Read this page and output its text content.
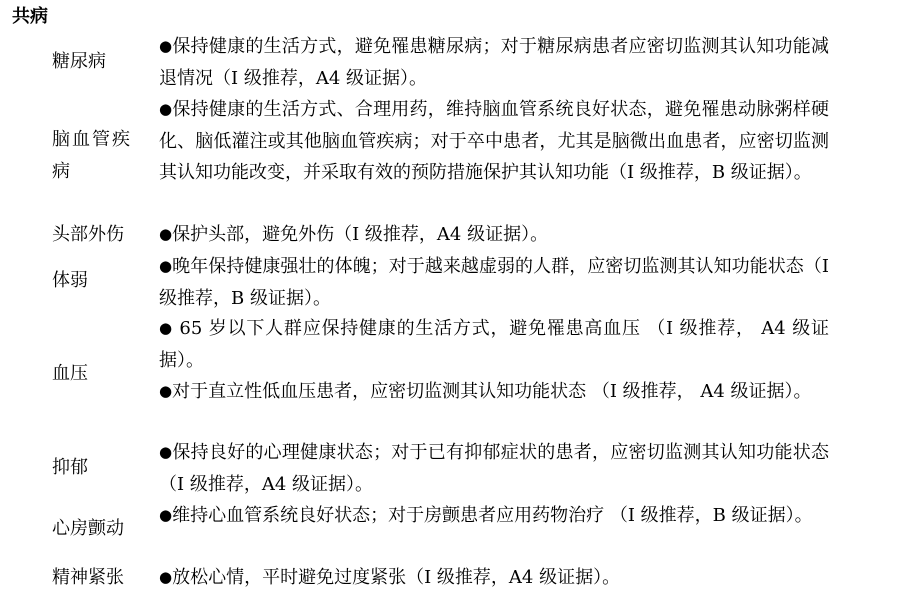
共病
糖尿病
●保持健康的生活方式，避免罹患糖尿病；对于糖尿病患者应密切监测其认知功能减退情况（I 级推荐，A4 级证据）。
脑血管疾病
●保持健康的生活方式、合理用药，维持脑血管系统良好状态，避免罹患动脉粥样硬化、脑低灌注或其他脑血管疾病；对于卒中患者，尤其是脑微出血患者，应密切监测其认知功能改变，并采取有效的预防措施保护其认知功能（I 级推荐，B 级证据）。
头部外伤	●保护头部，避免外伤（I 级推荐，A4 级证据）。
体弱
●晚年保持健康强壮的体魄；对于越来越虚弱的人群，应密切监测其认知功能状态（I 级推荐，B 级证据）。
血压
● 65 岁以下人群应保持健康的生活方式，避免罹患高血压 （I 级推荐， A4 级证据）。
●对于直立性低血压患者，应密切监测其认知功能状态 （I 级推荐， A4 级证据）。
抑郁
●保持良好的心理健康状态；对于已有抑郁症状的患者，应密切监测其认知功能状态（I 级推荐，A4 级证据）。
心房颤动
●维持心血管系统良好状态；对于房颤患者应用药物治疗 （I 级推荐，B 级证据）。
精神紧张	●放松心情，平时避免过度紧张（I 级推荐，A4 级证据）。
